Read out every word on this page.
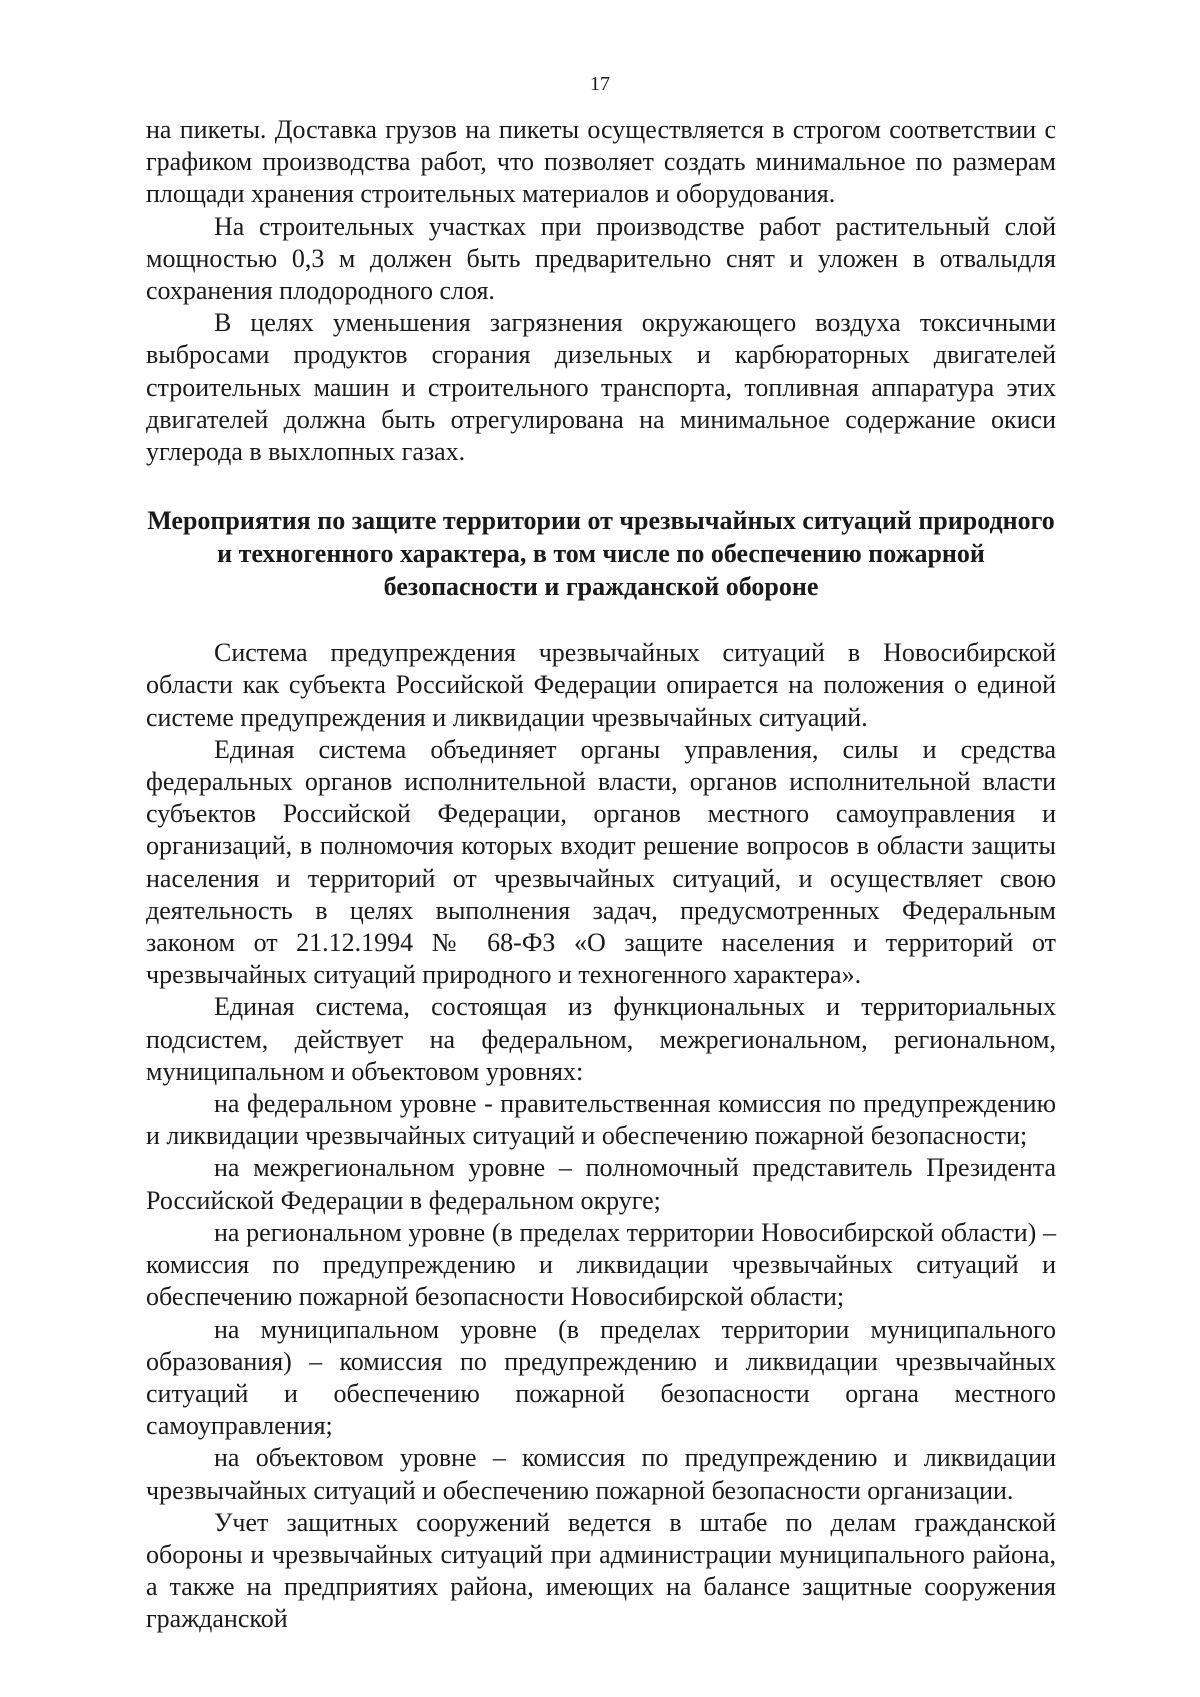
17

на пикеты. Доставка грузов на пикеты осуществляется в строгом соответствии с графиком производства работ, что позволяет создать минимальное по размерам площади хранения строительных материалов и оборудования.

На строительных участках при производстве работ растительный слой мощностью 0,3 м должен быть предварительно снят и уложен в отвалыдля сохранения плодородного слоя.

В целях уменьшения загрязнения окружающего воздуха токсичными выбросами продуктов сгорания дизельных и карбюраторных двигателей строительных машин и строительного транспорта, топливная аппаратура этих двигателей должна быть отрегулирована на минимальное содержание окиси углерода в выхлопных газах.

Мероприятия по защите территории от чрезвычайных ситуаций природного и техногенного характера, в том числе по обеспечению пожарной безопасности и гражданской обороне

Система предупреждения чрезвычайных ситуаций в Новосибирской области как субъекта Российской Федерации опирается на положения о единой системе предупреждения и ликвидации чрезвычайных ситуаций.

Единая система объединяет органы управления, силы и средства федеральных органов исполнительной власти, органов исполнительной власти субъектов Российской Федерации, органов местного самоуправления и организаций, в полномочия которых входит решение вопросов в области защиты населения и территорий от чрезвычайных ситуаций, и осуществляет свою деятельность в целях выполнения задач, предусмотренных Федеральным законом от 21.12.1994 № 68-ФЗ «О защите населения и территорий от чрезвычайных ситуаций природного и техногенного характера».

Единая система, состоящая из функциональных и территориальных подсистем, действует на федеральном, межрегиональном, региональном, муниципальном и объектовом уровнях:

на федеральном уровне - правительственная комиссия по предупреждению и ликвидации чрезвычайных ситуаций и обеспечению пожарной безопасности;

на межрегиональном уровне – полномочный представитель Президента Российской Федерации в федеральном округе;

на региональном уровне (в пределах территории Новосибирской области) – комиссия по предупреждению и ликвидации чрезвычайных ситуаций и обеспечению пожарной безопасности Новосибирской области;

на муниципальном уровне (в пределах территории муниципального образования) – комиссия по предупреждению и ликвидации чрезвычайных ситуаций и обеспечению пожарной безопасности органа местного самоуправления;

на объектовом уровне – комиссия по предупреждению и ликвидации чрезвычайных ситуаций и обеспечению пожарной безопасности организации.

Учет защитных сооружений ведется в штабе по делам гражданской обороны и чрезвычайных ситуаций при администрации муниципального района, а также на предприятиях района, имеющих на балансе защитные сооружения гражданской
